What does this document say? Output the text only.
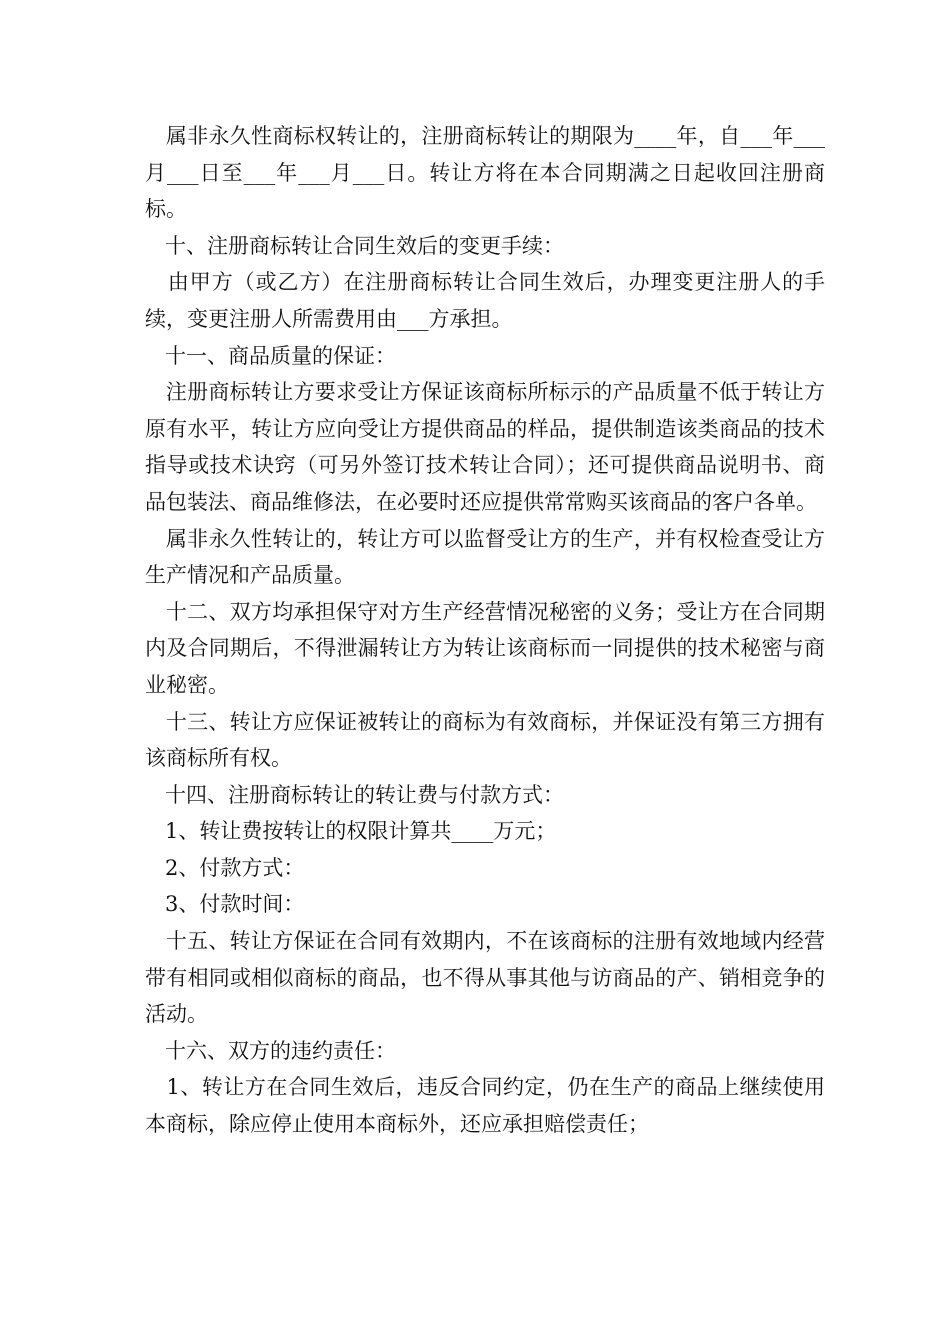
属非永久性商标权转让的，注册商标转让的期限为____年，自___年___月___日至___年___月___日。转让方将在本合同期满之日起收回注册商标。

十、注册商标转让合同生效后的变更手续：

由甲方（或乙方）在注册商标转让合同生效后，办理变更注册人的手续，变更注册人所需费用由___方承担。

十一、商品质量的保证：

注册商标转让方要求受让方保证该商标所标示的产品质量不低于转让方原有水平，转让方应向受让方提供商品的样品，提供制造该类商品的技术指导或技术诀窍（可另外签订技术转让合同）；还可提供商品说明书、商品包装法、商品维修法，在必要时还应提供常常购买该商品的客户各单。

属非永久性转让的，转让方可以监督受让方的生产，并有权检查受让方生产情况和产品质量。

十二、双方均承担保守对方生产经营情况秘密的义务；受让方在合同期内及合同期后，不得泄漏转让方为转让该商标而一同提供的技术秘密与商业秘密。

十三、转让方应保证被转让的商标为有效商标，并保证没有第三方拥有该商标所有权。

十四、注册商标转让的转让费与付款方式：

1、转让费按转让的权限计算共____万元；

2、付款方式：

3、付款时间：

十五、转让方保证在合同有效期内，不在该商标的注册有效地域内经营带有相同或相似商标的商品，也不得从事其他与访商品的产、销相竞争的活动。

十六、双方的违约责任：

1、转让方在合同生效后，违反合同约定，仍在生产的商品上继续使用本商标，除应停止使用本商标外，还应承担赔偿责任；
